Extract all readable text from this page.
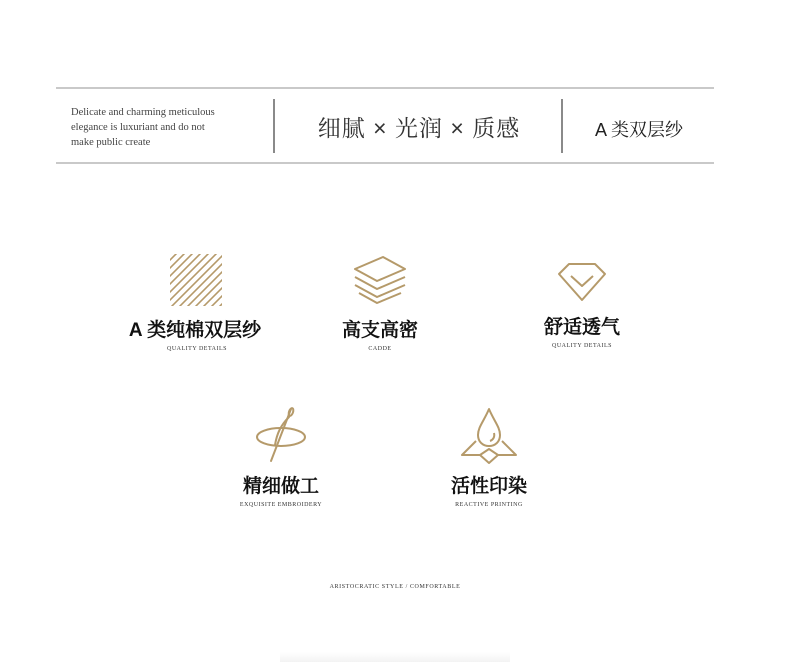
Delicate and charming meticulous
elegance is luxuriant and do not
make public create
细腻 × 光润 × 质感	A 类双层纱
A 类纯棉双层纱
QUALITY DETAILS
高支高密
CADDE
舒适透气
QUALITY DETAILS
精细做工
EXQUISITE EMBROIDERY
活性印染
REACTIVE PRINTING
ARISTOCRATIC STYLE / COMFORTABLE
